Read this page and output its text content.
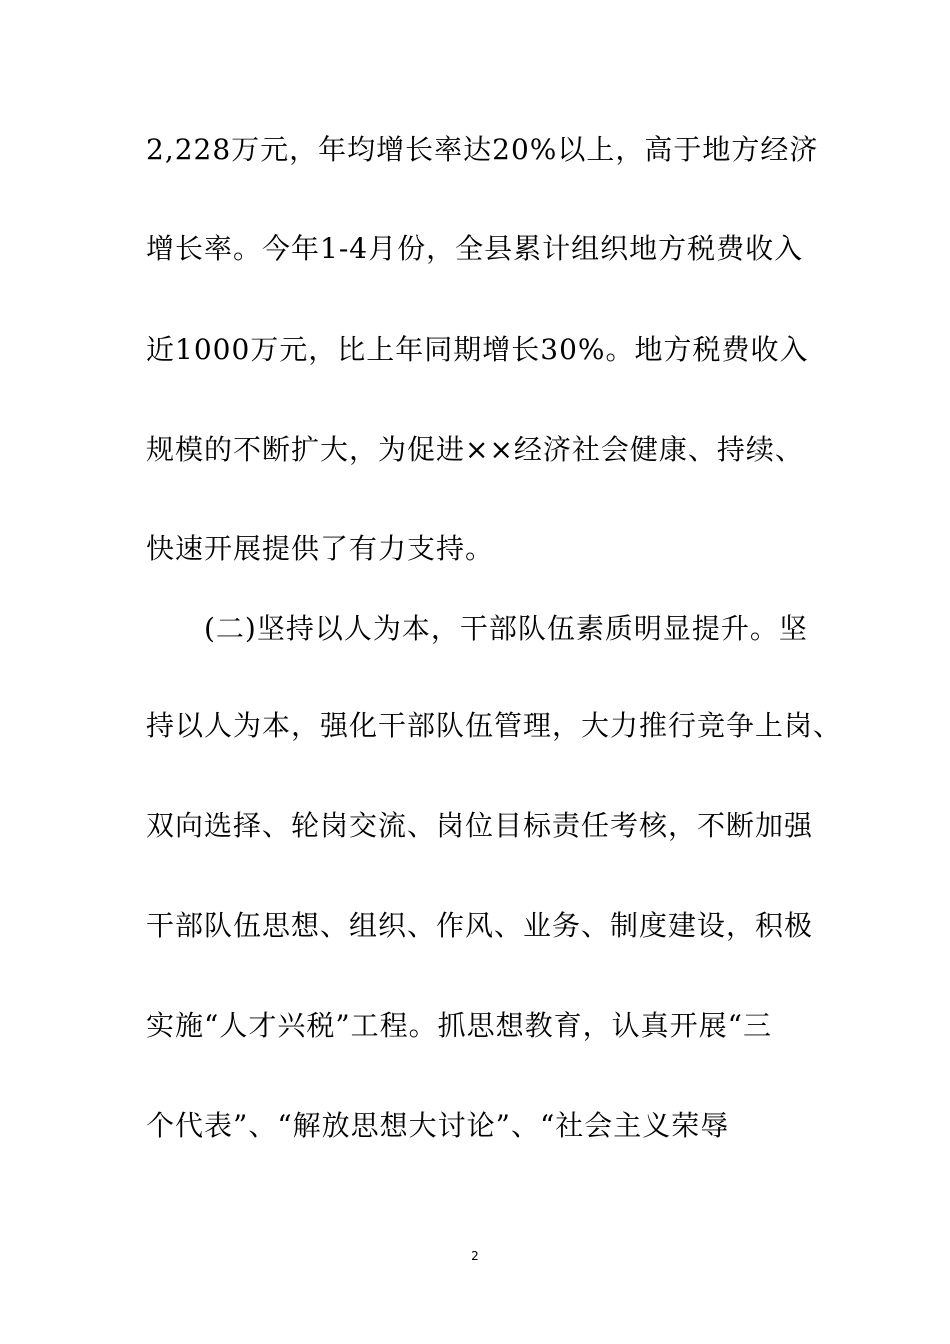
2,228万元，年均增长率达20%以上，高于地方经济
增长率。今年1-4月份，全县累计组织地方税费收入
近1000万元，比上年同期增长30%。地方税费收入
规模的不断扩大，为促进××经济社会健康、持续、
快速开展提供了有力支持。
(二)坚持以人为本，干部队伍素质明显提升。坚
持以人为本，强化干部队伍管理，大力推行竞争上岗、
双向选择、轮岗交流、岗位目标责任考核，不断加强
干部队伍思想、组织、作风、业务、制度建设，积极
实施“人才兴税”工程。抓思想教育，认真开展“三
个代表”、“解放思想大讨论”、“社会主义荣辱
2
